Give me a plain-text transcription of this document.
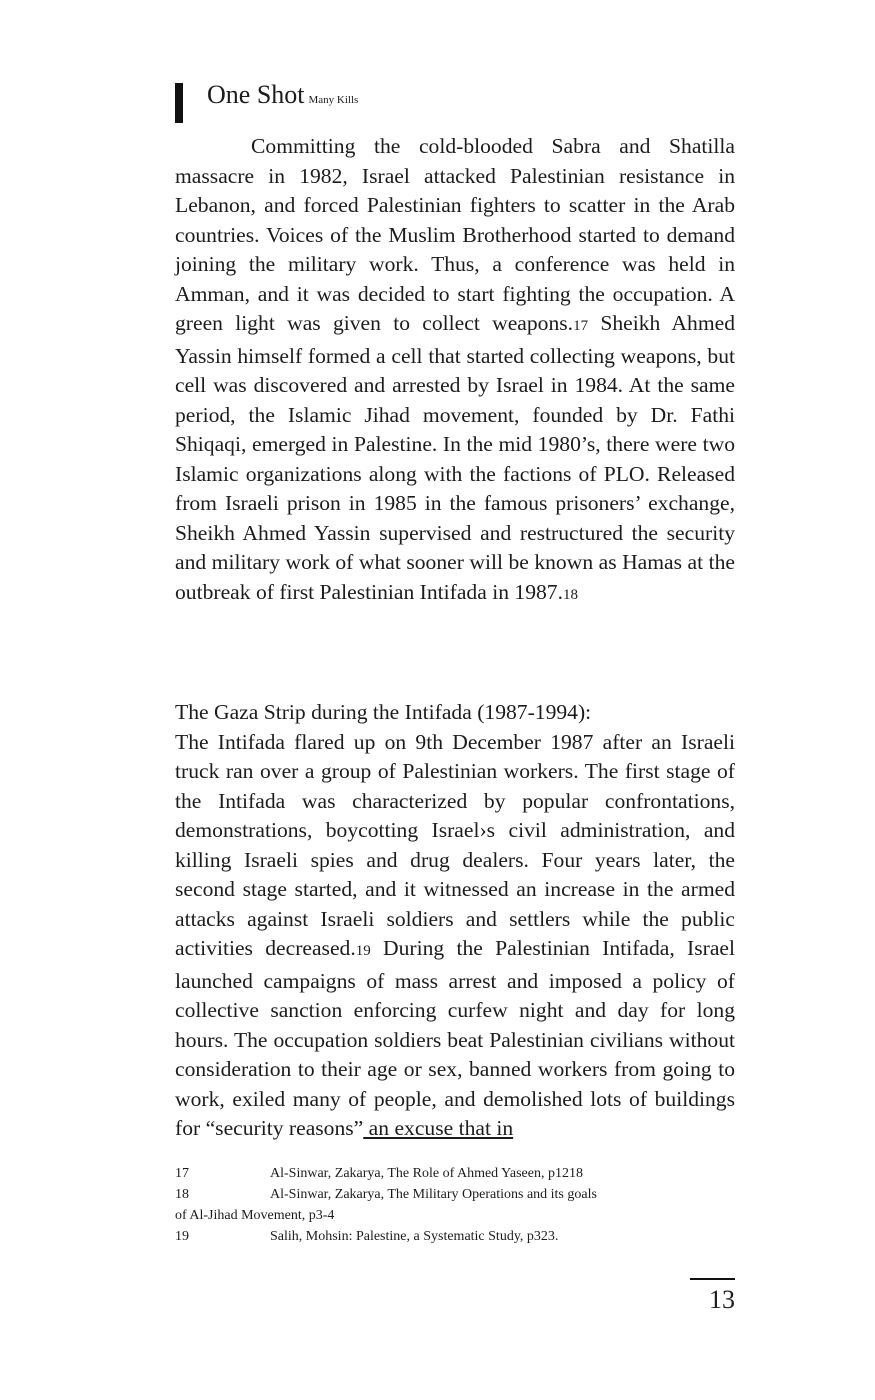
One Shot Many Kills
Committing the cold-blooded Sabra and Shatilla massacre in 1982, Israel attacked Palestinian resistance in Lebanon, and forced Palestinian fighters to scatter in the Arab countries. Voices of the Muslim Brotherhood started to demand joining the military work. Thus, a conference was held in Amman, and it was decided to start fighting the occupation. A green light was given to collect weapons.17 Sheikh Ahmed Yassin himself formed a cell that started collecting weapons, but cell was discovered and arrested by Israel in 1984. At the same period, the Islamic Jihad movement, founded by Dr. Fathi Shiqaqi, emerged in Palestine. In the mid 1980’s, there were two Islamic organizations along with the factions of PLO. Released from Israeli prison in 1985 in the famous prisoners’ exchange, Sheikh Ahmed Yassin supervised and restructured the security and military work of what sooner will be known as Hamas at the outbreak of first Palestinian Intifada in 1987.18
The Gaza Strip during the Intifada (1987-1994):
The Intifada flared up on 9th December 1987 after an Israeli truck ran over a group of Palestinian workers. The first stage of the Intifada was characterized by popular confrontations, demonstrations, boycotting Israel›s civil administration, and killing Israeli spies and drug dealers. Four years later, the second stage started, and it witnessed an increase in the armed attacks against Israeli soldiers and settlers while the public activities decreased.19 During the Palestinian Intifada, Israel launched campaigns of mass arrest and imposed a policy of collective sanction enforcing curfew night and day for long hours. The occupation soldiers beat Palestinian civilians without consideration to their age or sex, banned workers from going to work, exiled many of people, and demolished lots of buildings for “security reasons” an excuse that in
17	Al-Sinwar, Zakarya, The Role of Ahmed Yaseen, p1218
18	Al-Sinwar, Zakarya, The Military Operations and its goals
of Al-Jihad Movement, p3-4
19	Salih, Mohsin: Palestine, a Systematic Study, p323.
13
